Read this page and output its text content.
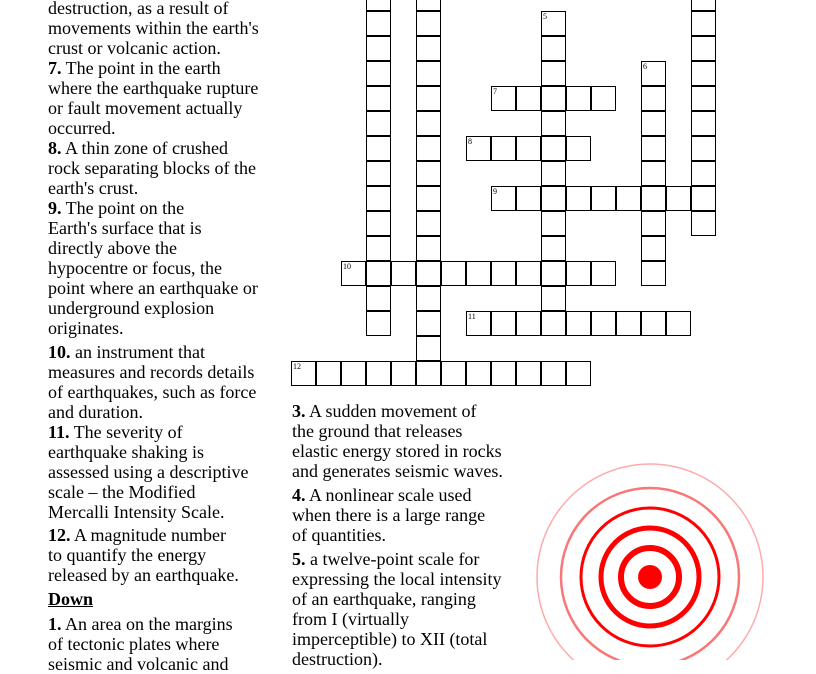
destruction, as a result of
movements within the earth's
crust or volcanic action.
7. The point in the earth
where the earthquake rupture
or fault movement actually
occurred.
8. A thin zone of crushed
rock separating blocks of the
earth's crust.
9. The point on the
Earth's surface that is
directly above the
hypocentre or focus, the
point where an earthquake or
underground explosion
originates.
10. an instrument that
measures and records details
of earthquakes, such as force
and duration.
11. The severity of
earthquake shaking is
assessed using a descriptive
scale – the Modified
Mercalli Intensity Scale.
12. A magnitude number
to quantify the energy
released by an earthquake.
Down
1. An area on the margins
of tectonic plates where
seismic and volcanic and
3. A sudden movement of
the ground that releases
elastic energy stored in rocks
and generates seismic waves.
4. A nonlinear scale used
when there is a large range
of quantities.
5. a twelve-point scale for
expressing the local intensity
of an earthquake, ranging
from I (virtually
imperceptible) to XII (total
destruction).
5
6
7
8
9
10
11
12
